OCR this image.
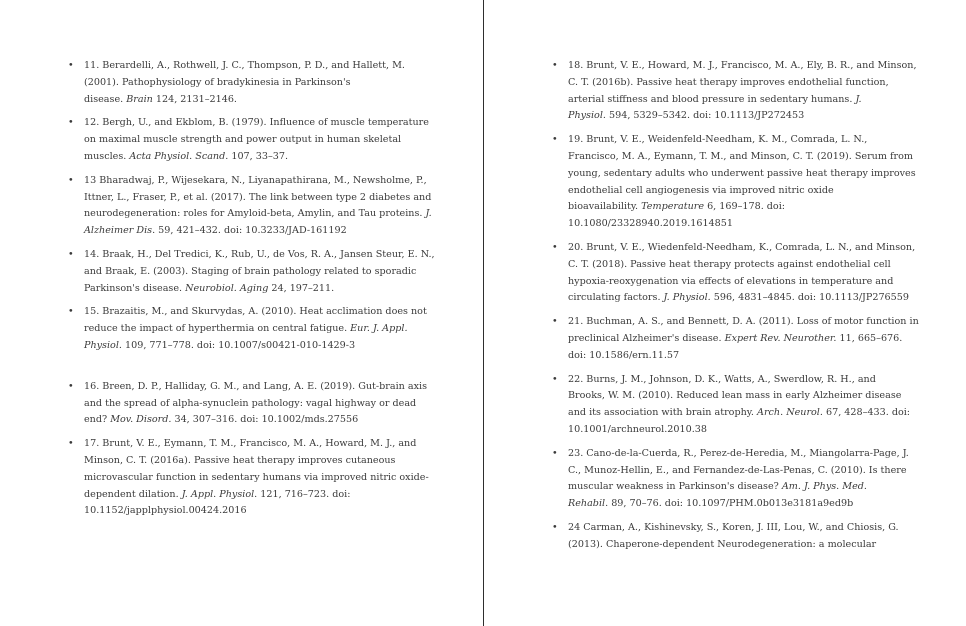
• 11. Berardelli, A., Rothwell, J. C., Thompson, P. D., and Hallett, M.
(2001). Pathophysiology of bradykinesia in Parkinson's
disease. Brain 124, 2131–2146.
• 12. Bergh, U., and Ekblom, B. (1979). Influence of muscle temperature
on maximal muscle strength and power output in human skeletal
muscles. Acta Physiol. Scand. 107, 33–37.
• 13 Bharadwaj, P., Wijesekara, N., Liyanapathirana, M., Newsholme, P.,
Ittner, L., Fraser, P., et al. (2017). The link between type 2 diabetes and
neurodegeneration: roles for Amyloid-beta, Amylin, and Tau proteins. J.
Alzheimer Dis. 59, 421–432. doi: 10.3233/JAD-161192
• 14. Braak, H., Del Tredici, K., Rub, U., de Vos, R. A., Jansen Steur, E. N.,
and Braak, E. (2003). Staging of brain pathology related to sporadic
Parkinson's disease. Neurobiol. Aging 24, 197–211.
• 15. Brazaitis, M., and Skurvydas, A. (2010). Heat acclimation does not
reduce the impact of hyperthermia on central fatigue. Eur. J. Appl.
Physiol. 109, 771–778. doi: 10.1007/s00421-010-1429-3
• 16. Breen, D. P., Halliday, G. M., and Lang, A. E. (2019). Gut-brain axis
and the spread of alpha-synuclein pathology: vagal highway or dead
end? Mov. Disord. 34, 307–316. doi: 10.1002/mds.27556
• 17. Brunt, V. E., Eymann, T. M., Francisco, M. A., Howard, M. J., and
Minson, C. T. (2016a). Passive heat therapy improves cutaneous
microvascular function in sedentary humans via improved nitric oxide-
dependent dilation. J. Appl. Physiol. 121, 716–723. doi:
10.1152/japplphysiol.00424.2016
• 18. Brunt, V. E., Howard, M. J., Francisco, M. A., Ely, B. R., and Minson,
C. T. (2016b). Passive heat therapy improves endothelial function,
arterial stiffness and blood pressure in sedentary humans. J.
Physiol. 594, 5329–5342. doi: 10.1113/JP272453
• 19. Brunt, V. E., Weidenfeld-Needham, K. M., Comrada, L. N.,
Francisco, M. A., Eymann, T. M., and Minson, C. T. (2019). Serum from
young, sedentary adults who underwent passive heat therapy improves
endothelial cell angiogenesis via improved nitric oxide
bioavailability. Temperature 6, 169–178. doi:
10.1080/23328940.2019.1614851
• 20. Brunt, V. E., Wiedenfeld-Needham, K., Comrada, L. N., and Minson,
C. T. (2018). Passive heat therapy protects against endothelial cell
hypoxia-reoxygenation via effects of elevations in temperature and
circulating factors. J. Physiol. 596, 4831–4845. doi: 10.1113/JP276559
• 21. Buchman, A. S., and Bennett, D. A. (2011). Loss of motor function in
preclinical Alzheimer's disease. Expert Rev. Neurother. 11, 665–676.
doi: 10.1586/ern.11.57
• 22. Burns, J. M., Johnson, D. K., Watts, A., Swerdlow, R. H., and
Brooks, W. M. (2010). Reduced lean mass in early Alzheimer disease
and its association with brain atrophy. Arch. Neurol. 67, 428–433. doi:
10.1001/archneurol.2010.38
• 23. Cano-de-la-Cuerda, R., Perez-de-Heredia, M., Miangolarra-Page, J.
C., Munoz-Hellin, E., and Fernandez-de-Las-Penas, C. (2010). Is there
muscular weakness in Parkinson's disease? Am. J. Phys. Med.
Rehabil. 89, 70–76. doi: 10.1097/PHM.0b013e3181a9ed9b
• 24 Carman, A., Kishinevsky, S., Koren, J. III, Lou, W., and Chiosis, G.
(2013). Chaperone-dependent Neurodegeneration: a molecular
